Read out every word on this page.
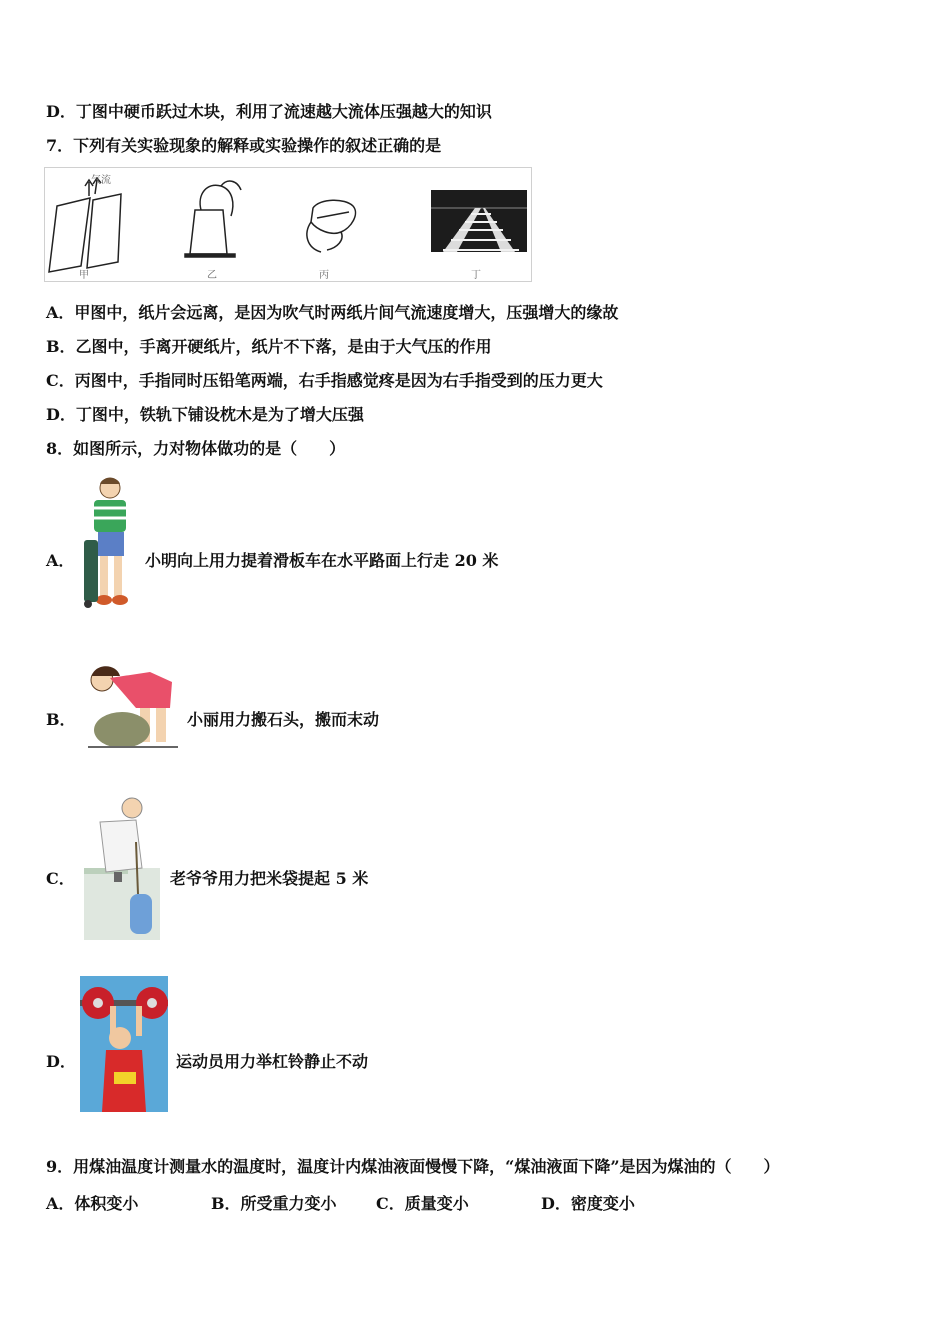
D．丁图中硬币跃过木块，利用了流速越大流体压强越大的知识
7．下列有关实验现象的解释或实验操作的叙述正确的是
气流
甲	乙	丙	丁
A．甲图中，纸片会远离，是因为吹气时两纸片间气流速度增大，压强增大的缘故
B．乙图中，手离开硬纸片，纸片不下落，是由于大气压的作用
C．丙图中，手指同时压铅笔两端，右手指感觉疼是因为右手指受到的压力更大
D．丁图中，铁轨下铺设枕木是为了增大压强
8．如图所示，力对物体做功的是（　　）
A．	小明向上用力提着滑板车在水平路面上行走 20 米
B．	小丽用力搬石头，搬而末动
C．	老爷爷用力把米袋提起 5 米
D．	运动员用力举杠铃静止不动
9．用煤油温度计测量水的温度时，温度计内煤油液面慢慢下降，“煤油液面下降”是因为煤油的（　　）
A．体积变小	B．所受重力变小 C．质量变小	D．密度变小
